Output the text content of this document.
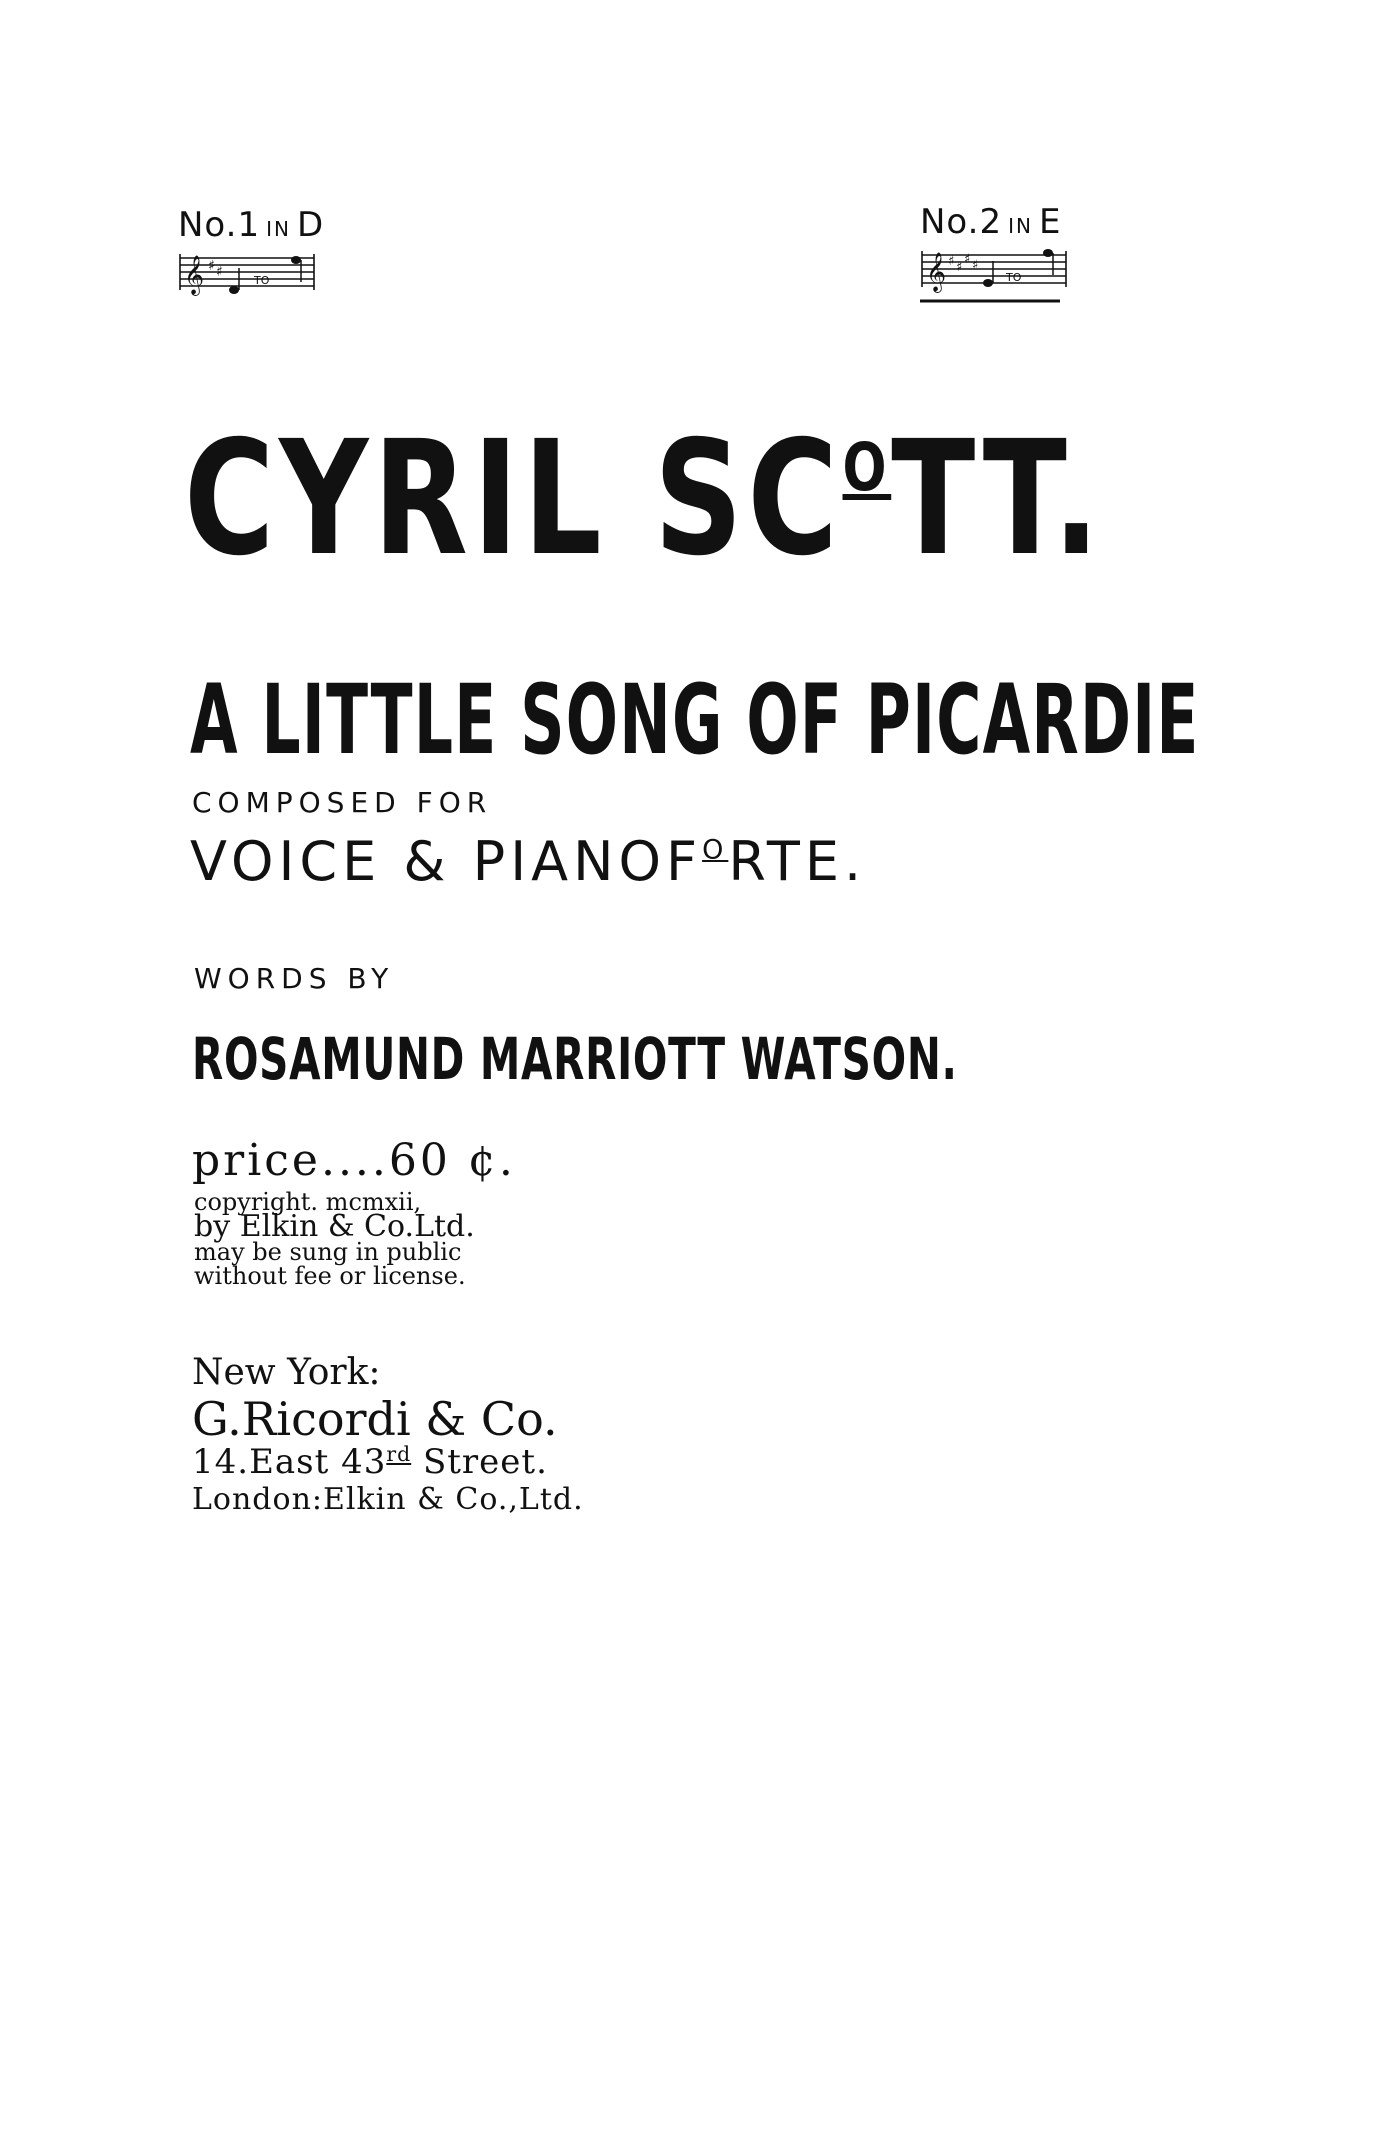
No.1 IN D
𝄞 ♯ ♯
TO
No.2 IN E
𝄞 ♯ ♯
♯ ♯
TO
CYRIL $SC^OTT$.
A LITTLE SONG OF PICARDIE
COMPOSED FOR
VOICE & $PIANOF^ORTE$.
WORDS BY
ROSAMUND MARRIOTT WATSON.
price....60 ¢.
copyright. mcmxii,
by Elkin & Co.Ltd.
may be sung in public
without fee or license.
New York:
G.Ricordi & Co.
14.East 43rd Street.
London:Elkin & Co.,Ltd.
